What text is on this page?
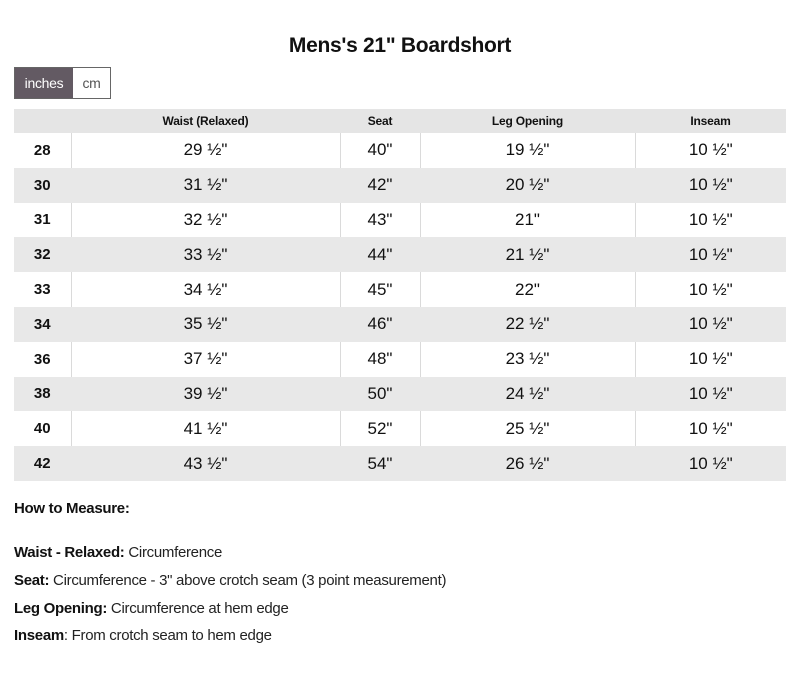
Mens's 21" Boardshort
inches	cm
	Waist (Relaxed)	Seat	Leg Opening	Inseam
28	29 ½"	40"	19 ½"	10 ½"
30	31 ½"	42"	20 ½"	10 ½"
31	32 ½"	43"	21"	10 ½"
32	33 ½"	44"	21 ½"	10 ½"
33	34 ½"	45"	22"	10 ½"
34	35 ½"	46"	22 ½"	10 ½"
36	37 ½"	48"	23 ½"	10 ½"
38	39 ½"	50"	24 ½"	10 ½"
40	41 ½"	52"	25 ½"	10 ½"
42	43 ½"	54"	26 ½"	10 ½"
How to Measure:
Waist - Relaxed: Circumference
Seat: Circumference - 3" above crotch seam (3 point measurement)
Leg Opening: Circumference at hem edge
Inseam: From crotch seam to hem edge
